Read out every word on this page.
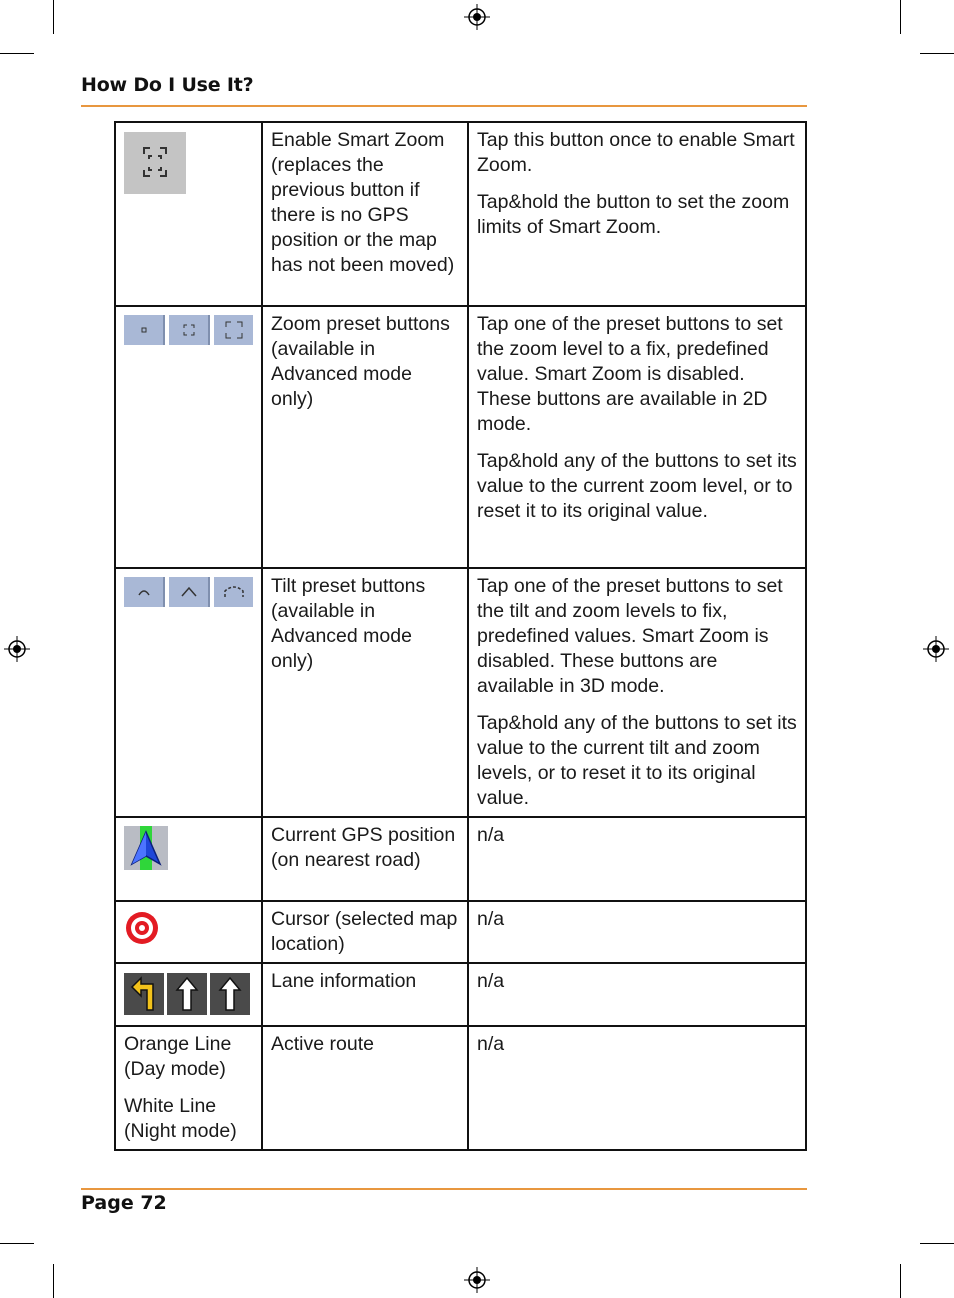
How Do I Use It?
	Enable Smart Zoom (replaces the previous button if there is no GPS position or the map has not been moved)	Tap this button once to enable Smart Zoom.

Tap&hold the button to set the zoom limits of Smart Zoom.

	Zoom preset buttons (available in Advanced mode only)	Tap one of the preset buttons to set the zoom level to a fix, predefined value. Smart Zoom is disabled. These buttons are available in 2D mode.

Tap&hold any of the buttons to set its value to the current zoom level, or to reset it to its original value.

	Tilt preset buttons (available in Advanced mode only)	Tap one of the preset buttons to set the tilt and zoom levels to fix, predefined values. Smart Zoom is disabled. These buttons are available in 3D mode.

Tap&hold any of the buttons to set its value to the current tilt and zoom levels, or to reset it to its original value.

	Current GPS position (on nearest road)	n/a

	Cursor (selected map location)	n/a

	Lane information	n/a

Orange Line (Day mode)

White Line (Night mode)	Active route	n/a

Page 72
